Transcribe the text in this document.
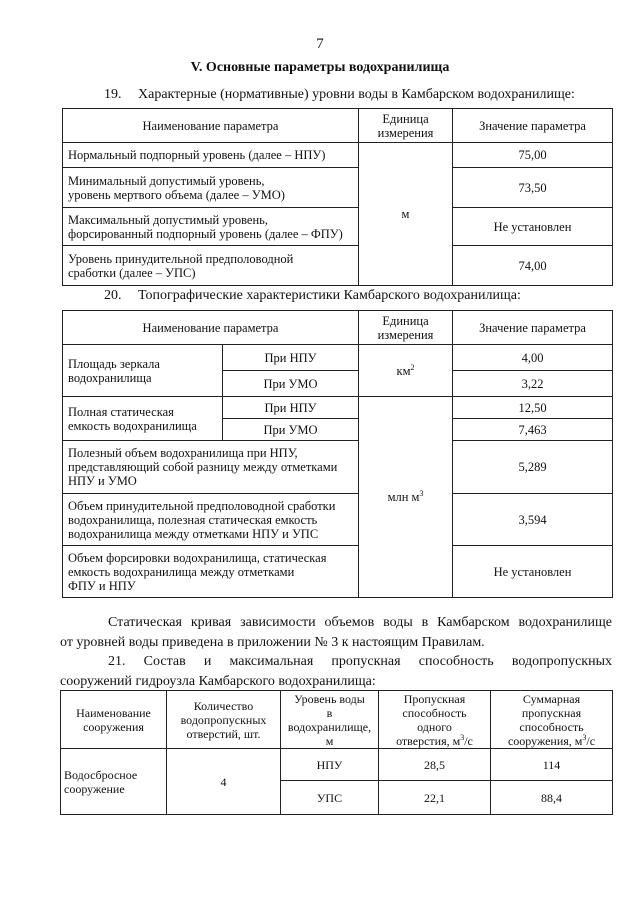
7
V. Основные параметры водохранилища
19. Характерные (нормативные) уровни воды в Камбарском водохранилище:
Наименование параметра	Единица измерения	Значение параметра
Нормальный подпорный уровень (далее – НПУ)	м	75,00
Минимальный допустимый уровень,
уровень мертвого объема (далее – УМО)		73,50
Максимальный допустимый уровень,
форсированный подпорный уровень (далее – ФПУ)		Не установлен
Уровень принудительной предполоводной
сработки (далее – УПС)		74,00
20. Топографические характеристики Камбарского водохранилища:
Наименование параметра		Единица измерения	Значение параметра
Площадь зеркала
водохранилища	При НПУ	$км^2$	4,00
	При УМО		3,22
Полная статическая
емкость водохранилища	При НПУ	млн $м^3$	12,50
	При УМО		7,463
Полезный объем водохранилища при НПУ,
представляющий собой разницу между отметками
НПУ и УМО			5,289
Объем принудительной предполоводной сработки
водохранилища, полезная статическая емкость
водохранилища между отметками НПУ и УПС			3,594
Объем форсировки водохранилища, статическая
емкость водохранилища между отметками
ФПУ и НПУ			Не установлен
Статическая кривая зависимости объемов воды в Камбарском водохранилище
от уровней воды приведена в приложении № 3 к настоящим Правилам.
21. Состав и максимальная пропускная способность водопропускных
сооружений гидроузла Камбарского водохранилища:
Наименование
сооружения	Количество
водопропускных
отверстий, шт.	Уровень воды
в
водохранилище,
м	Пропускная
способность
одного
отверстия, $м^3/с$	Суммарная
пропускная
способность
сооружения, $м^3/с$
Водосбросное
сооружение	4	НПУ	28,5	114
		УПС	22,1	88,4
